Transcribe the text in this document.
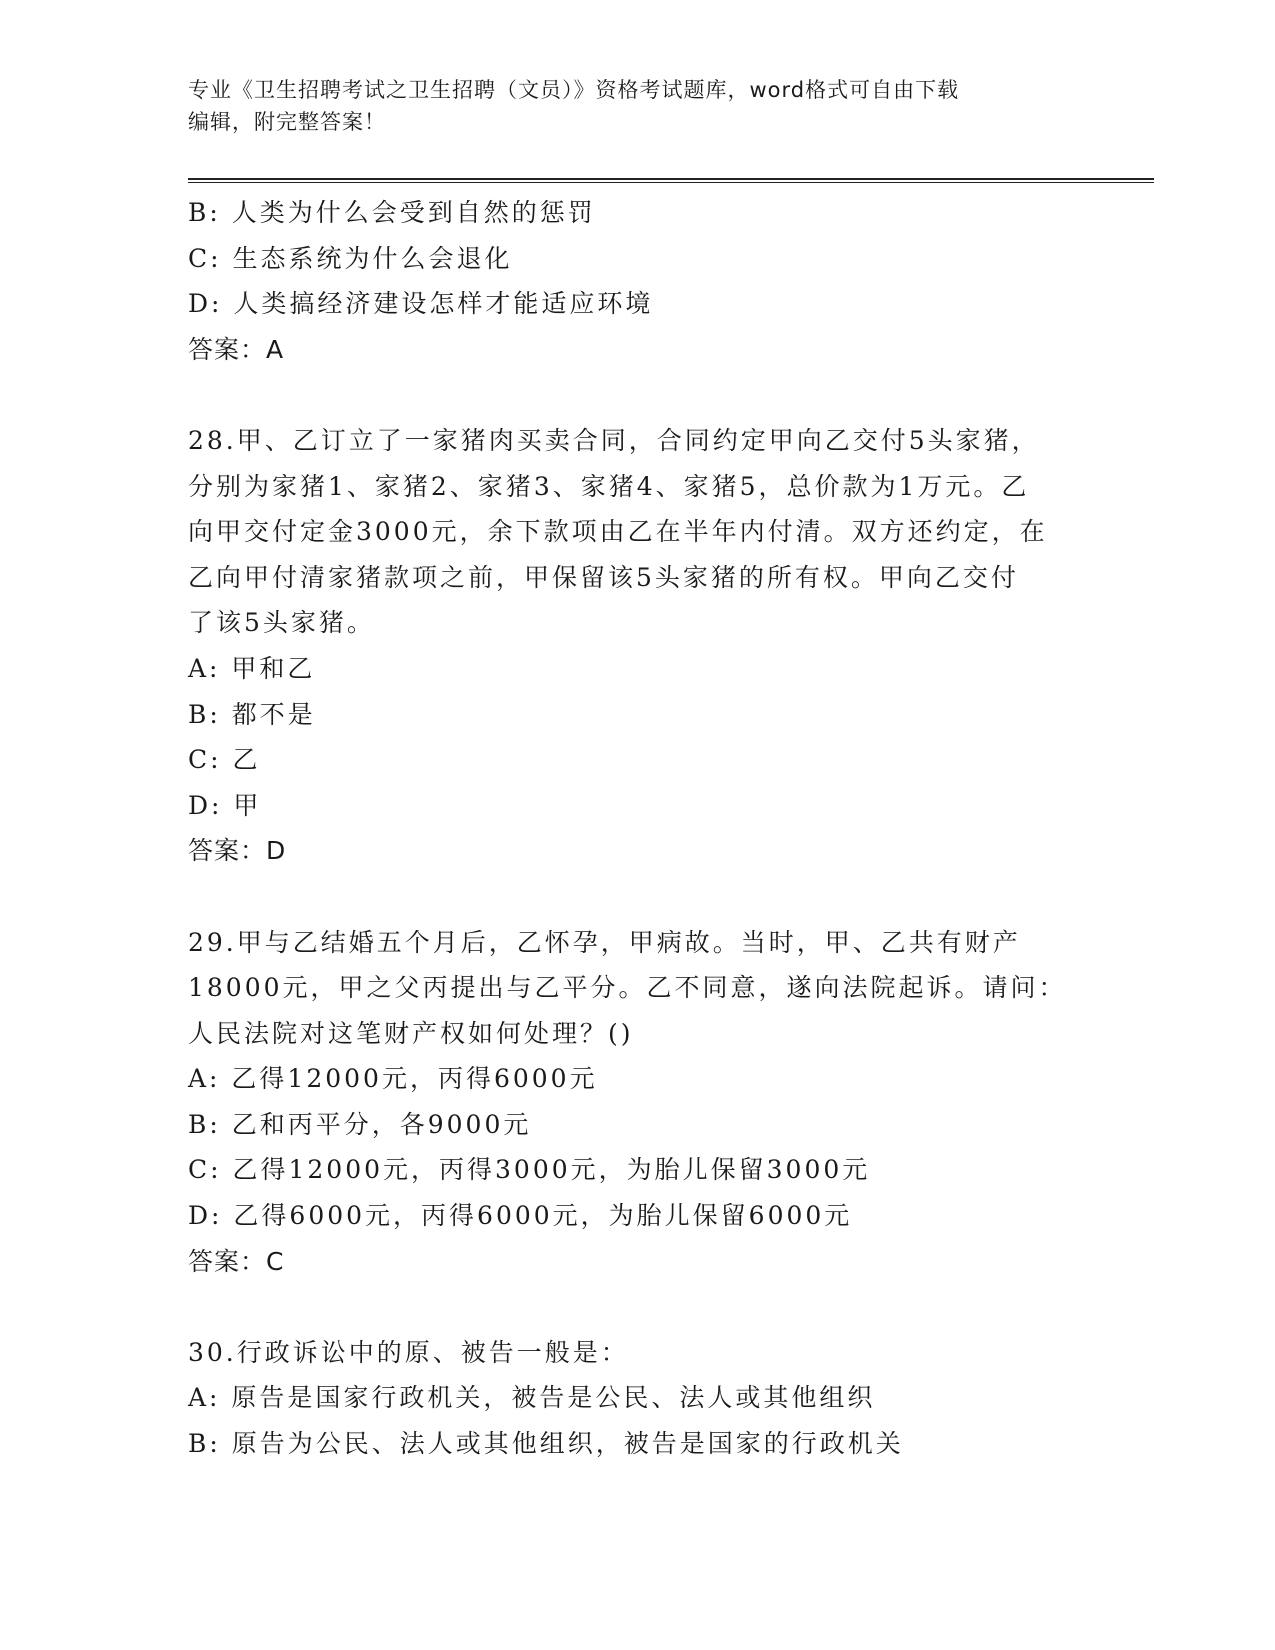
专业《卫生招聘考试之卫生招聘（文员）》资格考试题库，word格式可自由下载
编辑，附完整答案！
B: 人类为什么会受到自然的惩罚
C: 生态系统为什么会退化
D: 人类搞经济建设怎样才能适应环境
答案：A
28.甲、乙订立了一家猪肉买卖合同，合同约定甲向乙交付5头家猪，
分别为家猪1、家猪2、家猪3、家猪4、家猪5，总价款为1万元。乙
向甲交付定金3000元，余下款项由乙在半年内付清。双方还约定，在
乙向甲付清家猪款项之前，甲保留该5头家猪的所有权。甲向乙交付
了该5头家猪。
A: 甲和乙
B: 都不是
C: 乙
D: 甲
答案：D
29.甲与乙结婚五个月后，乙怀孕，甲病故。当时，甲、乙共有财产
18000元，甲之父丙提出与乙平分。乙不同意，遂向法院起诉。请问：
人民法院对这笔财产权如何处理？()
A: 乙得12000元，丙得6000元
B: 乙和丙平分，各9000元
C: 乙得12000元，丙得3000元，为胎儿保留3000元
D: 乙得6000元，丙得6000元，为胎儿保留6000元
答案：C
30.行政诉讼中的原、被告一般是：
A: 原告是国家行政机关，被告是公民、法人或其他组织
B: 原告为公民、法人或其他组织，被告是国家的行政机关
